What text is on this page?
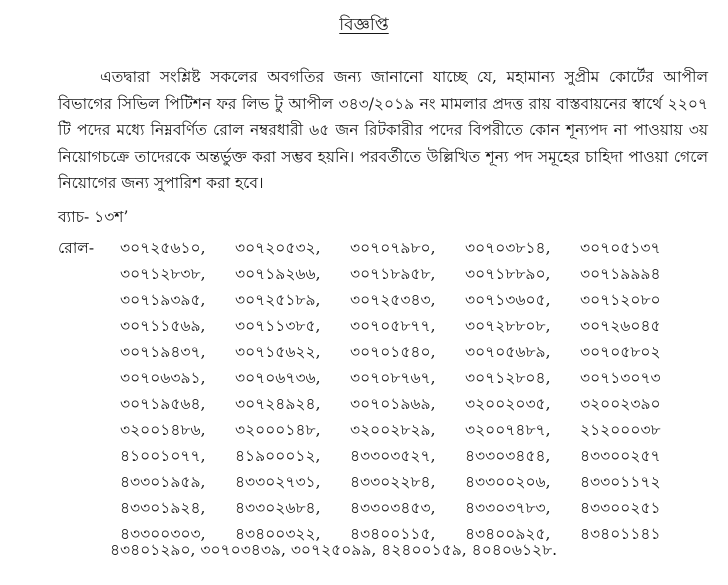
বিজ্ঞপ্তি
এতদ্বারা সংশ্লিষ্ট সকলের অবগতির জন্য জানানো যাচ্ছে যে, মহামান্য সুপ্রীম কোর্টের আপীল বিভাগের সিভিল পিটিশন ফর লিভ টু আপীল ৩৪৩/২০১৯ নং মামলার প্রদত্ত রায় বাস্তবায়নের স্বার্থে ২২০৭ টি পদের মধ্যে নিম্নবর্ণিত রোল নম্বরধারী ৬৫ জন রিটকারীর পদের বিপরীতে কোন শূন্যপদ না পাওয়ায় ৩য় নিয়োগচক্রে তাদেরকে অন্তর্ভুক্ত করা সম্ভব হয়নি। পরবর্তীতে উল্লিখিত শূন্য পদ সমূহের চাহিদা পাওয়া গেলে নিয়োগের জন্য সুপারিশ করা হবে।
ব্যাচ- ১৩শ’
রোল- ৩০৭২৫৬১০,	৩০৭২০৫৩২,	৩০৭০৭৯৮০,	৩০৭০৩৮১৪,	৩০৭০৫১৩৭
৩০৭১২৮৩৮,	৩০৭১৯২৬৬,	৩০৭১৮৯৫৮,	৩০৭১৮৮৯০,	৩০৭১৯৯৯৪
৩০৭১৯৩৯৫,	৩০৭২৫১৮৯,	৩০৭২৫৩৪৩,	৩০৭১৩৬০৫,	৩০৭১২০৮০
৩০৭১১৫৬৯,	৩০৭১১৩৮৫,	৩০৭০৫৮৭৭,	৩০৭২৮৮০৮,	৩০৭২৬০৪৫
৩০৭১৯৪৩৭,	৩০৭১৫৬২২,	৩০৭০১৫৪০,	৩০৭০৫৬৮৯,	৩০৭০৫৮০২
৩০৭০৬৩৯১,	৩০৭০৬৭৩৬,	৩০৭০৮৭৬৭,	৩০৭১২৮০৪,	৩০৭১৩০৭৩
৩০৭১৯৫৬৪,	৩০৭২৪৯২৪,	৩০৭০১৯৬৯,	৩২০০২০৩৫,	৩২০০২৩৯০
৩২০০১৪৮৬,	৩২০০০১৪৮,	৩২০০২৮২৯,	৩২০০৭৪৮৭,	২১২০০০৩৮
৪১০০১০৭৭,	৪১৯০০০১২,	৪৩৩০৩৫২৭,	৪৩৩০৩৪৫৪,	৪৩৩০০২৫৭
৪৩৩০১৯৫৯,	৪৩৩০২৭৩১,	৪৩৩০২২৮৪,	৪৩৩০০২০৬,	৪৩৩০১১৭২
৪৩৩০১৯২৪,	৪৩৩০২৬৮৪,	৪৩৩০৩৪৫৩,	৪৩৩০৩৭৮৩,	৪৩৩০০২৫১
৪৩৩০০৩০৩,	৪৩৪০০৩২২,	৪৩৪০০১১৫,	৪৩৪০০৯২৫,	৪৩৪০১১৪১
৪৩৪০১২৯০, ৩০৭০৩৪৩৯, ৩০৭২৫০৯৯, ৪২৪০০১৫৯, ৪০৪০৬১২৮.
